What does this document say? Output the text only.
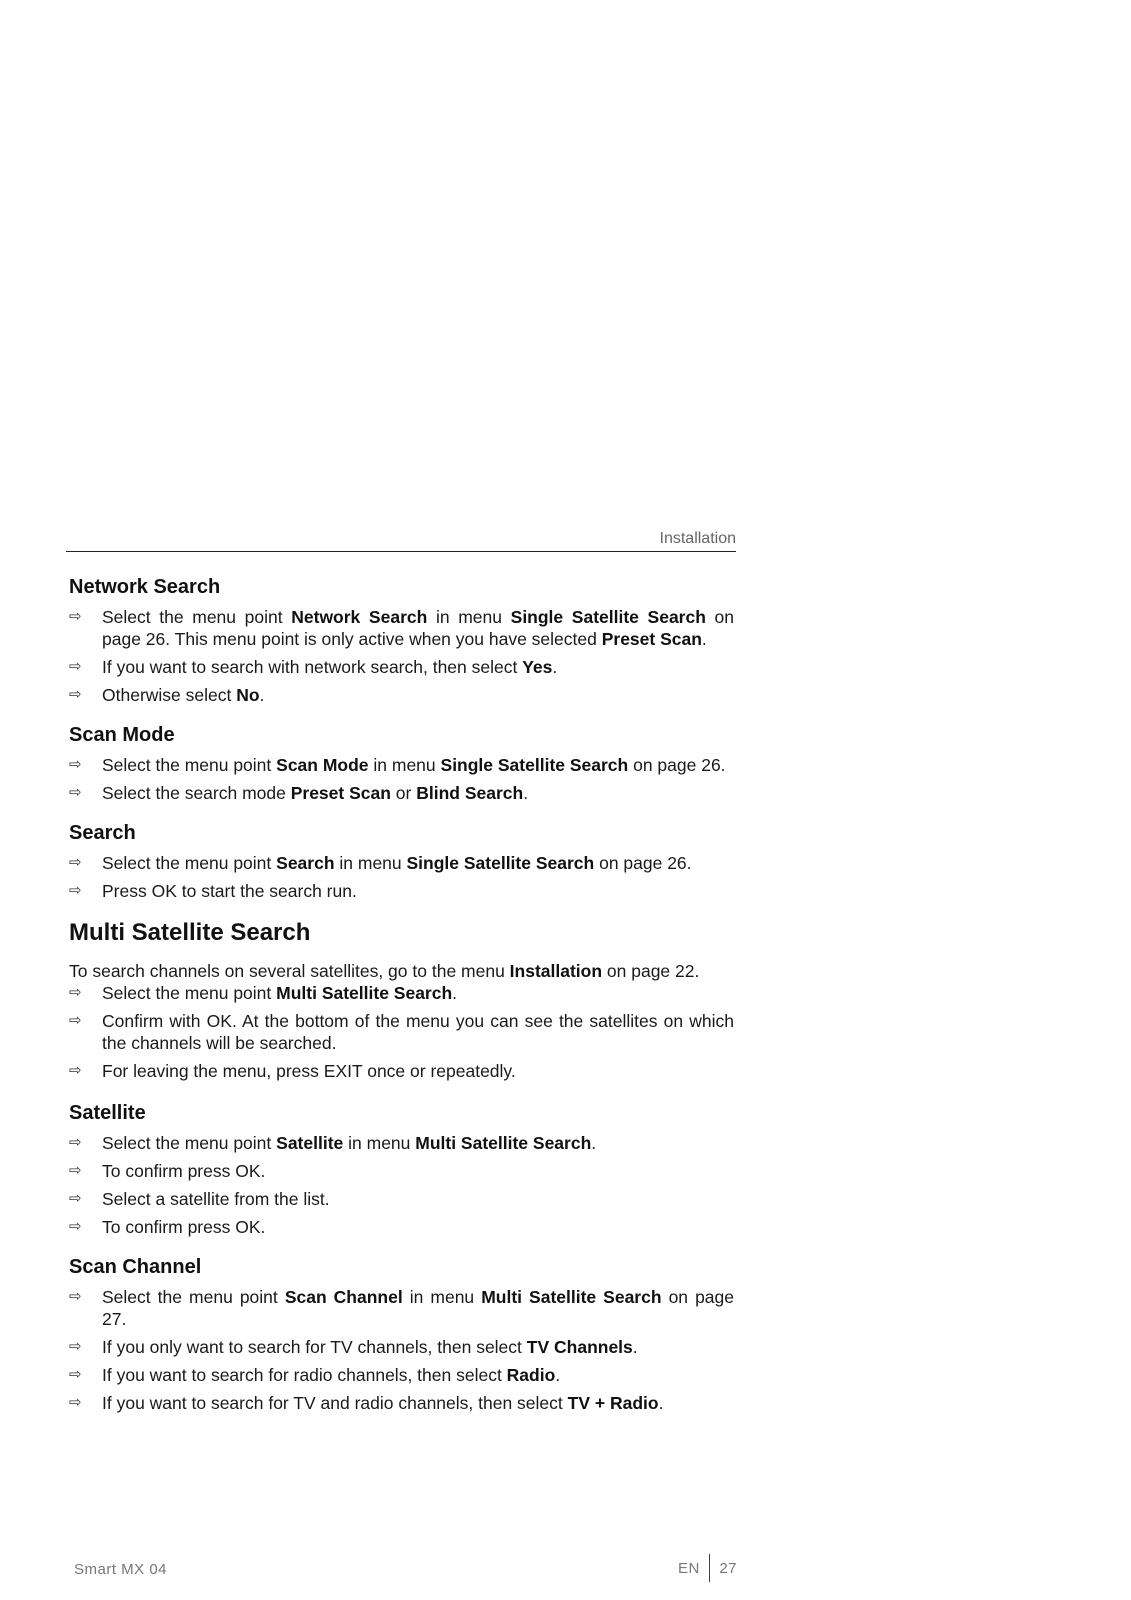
Installation
Network Search
⇨ Select the menu point Network Search in menu Single Satellite Search on page 26. This menu point is only active when you have selected Preset Scan.
⇨ If you want to search with network search, then select Yes.
⇨ Otherwise select No.
Scan Mode
⇨ Select the menu point Scan Mode in menu Single Satellite Search on page 26.
⇨ Select the search mode Preset Scan or Blind Search.
Search
⇨ Select the menu point Search in menu Single Satellite Search on page 26.
⇨ Press OK to start the search run.
Multi Satellite Search

To search channels on several satellites, go to the menu Installation on page 22.

⇨ Select the menu point Multi Satellite Search.
⇨ Confirm with OK. At the bottom of the menu you can see the satellites on which the channels will be searched.
⇨ For leaving the menu, press EXIT once or repeatedly.
Satellite
⇨ Select the menu point Satellite in menu Multi Satellite Search.
⇨ To confirm press OK.
⇨ Select a satellite from the list.
⇨ To confirm press OK.
Scan Channel
⇨ Select the menu point Scan Channel in menu Multi Satellite Search on page 27.
⇨ If you only want to search for TV channels, then select TV Channels.
⇨ If you want to search for radio channels, then select Radio.
⇨ If you want to search for TV and radio channels, then select TV + Radio.
Smart MX 04	EN 27
